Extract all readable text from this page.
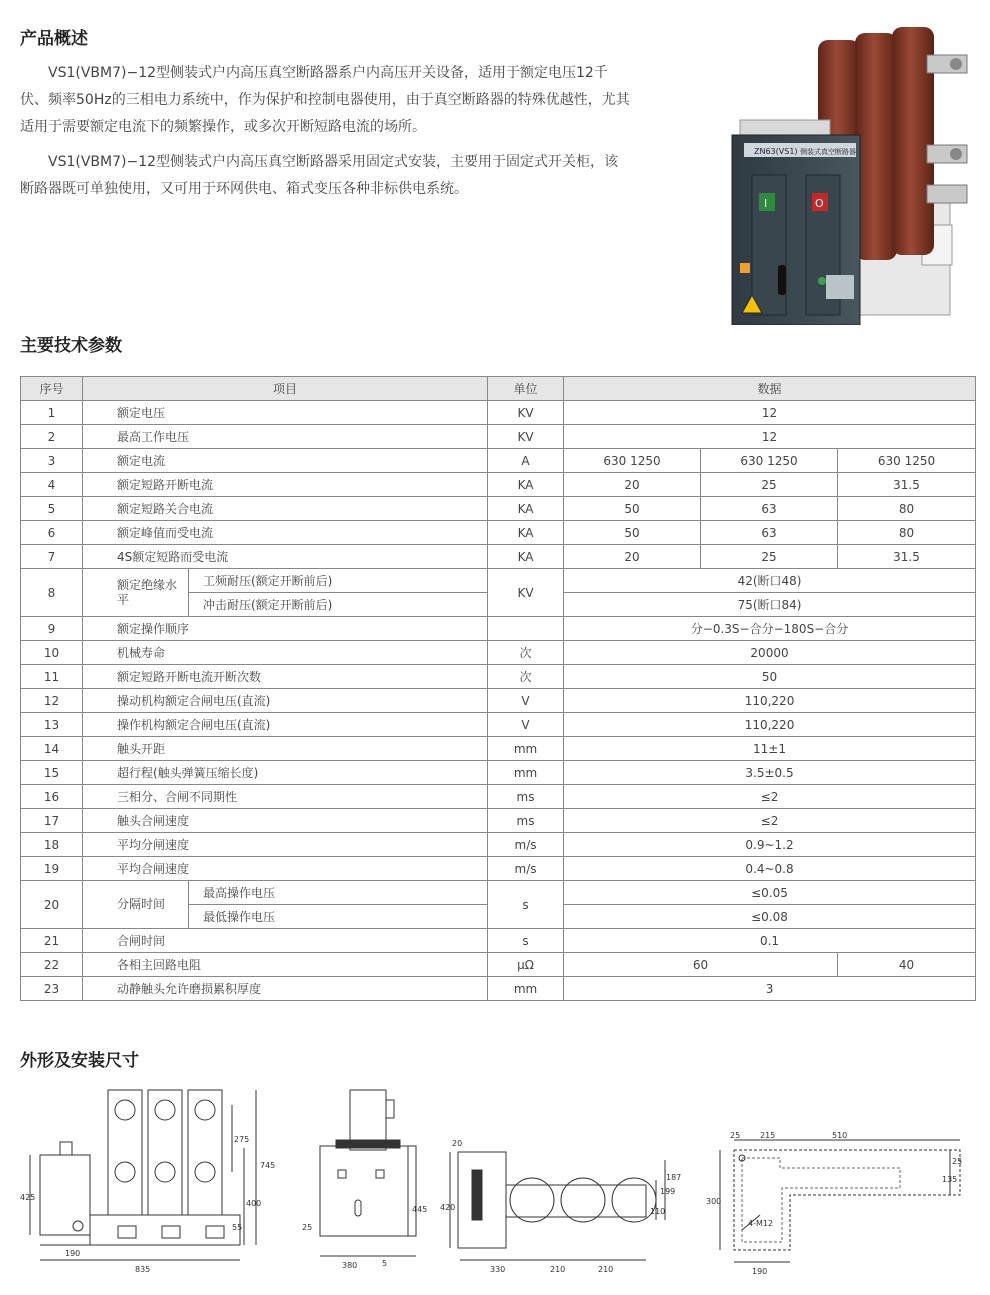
产品概述

VS1(VBM7)−12型侧装式户内高压真空断路器系户内高压开关设备，适用于额定电压12千伏、频率50Hz的三相电力系统中，作为保护和控制电器使用，由于真空断路器的特殊优越性，尤其适用于需要额定电流下的频繁操作，或多次开断短路电流的场所。

VS1(VBM7)−12型侧装式户内高压真空断路器采用固定式安装，主要用于固定式开关柜，该断路器既可单独使用，又可用于环网供电、箱式变压各种非标供电系统。

ZN63(VS1) 侧装式真空断路器
I	O
主要技术参数
序号	项目		单位	数据		
1	额定电压		KV	12		
2	最高工作电压		KV	12		
3	额定电流		A	630 1250	630 1250	630 1250
4	额定短路开断电流		KA	20	25	31.5
5	额定短路关合电流		KA	50	63	80
6	额定峰值而受电流		KA	50	63	80
7	4S额定短路而受电流		KA	20	25	31.5
8	额定绝缘水平	工频耐压(额定开断前后)	KV	42(断口48)		
		冲击耐压(额定开断前后)		75(断口84)		
9	额定操作顺序			分−0.3S−合分−180S−合分		
10	机械寿命		次	20000		
11	额定短路开断电流开断次数		次	50		
12	操动机构额定合闸电压(直流)		V	110,220		
13	操作机构额定合闸电压(直流)		V	110,220		
14	触头开距		mm	11±1		
15	超行程(触头弹簧压缩长度)		mm	3.5±0.5		
16	三相分、合闸不同期性		ms	≤2		
17	触头合闸速度		ms	≤2		
18	平均分闸速度		m/s	0.9~1.2		
19	平均合闸速度		m/s	0.4~0.8		
20	分隔时间	最高操作电压	s	≤0.05		
		最低操作电压		≤0.08		
21	合闸时间		s	0.1		
22	各相主回路电阻		μΩ	60		40
23	动静触头允许磨损累积厚度		mm	3		
外形及安装尺寸
835
190
745
400
275
425
55
380	5
25
445
330	210	210
420
20
199
110
187
25 215	510
300
190
25
135
4-M12
